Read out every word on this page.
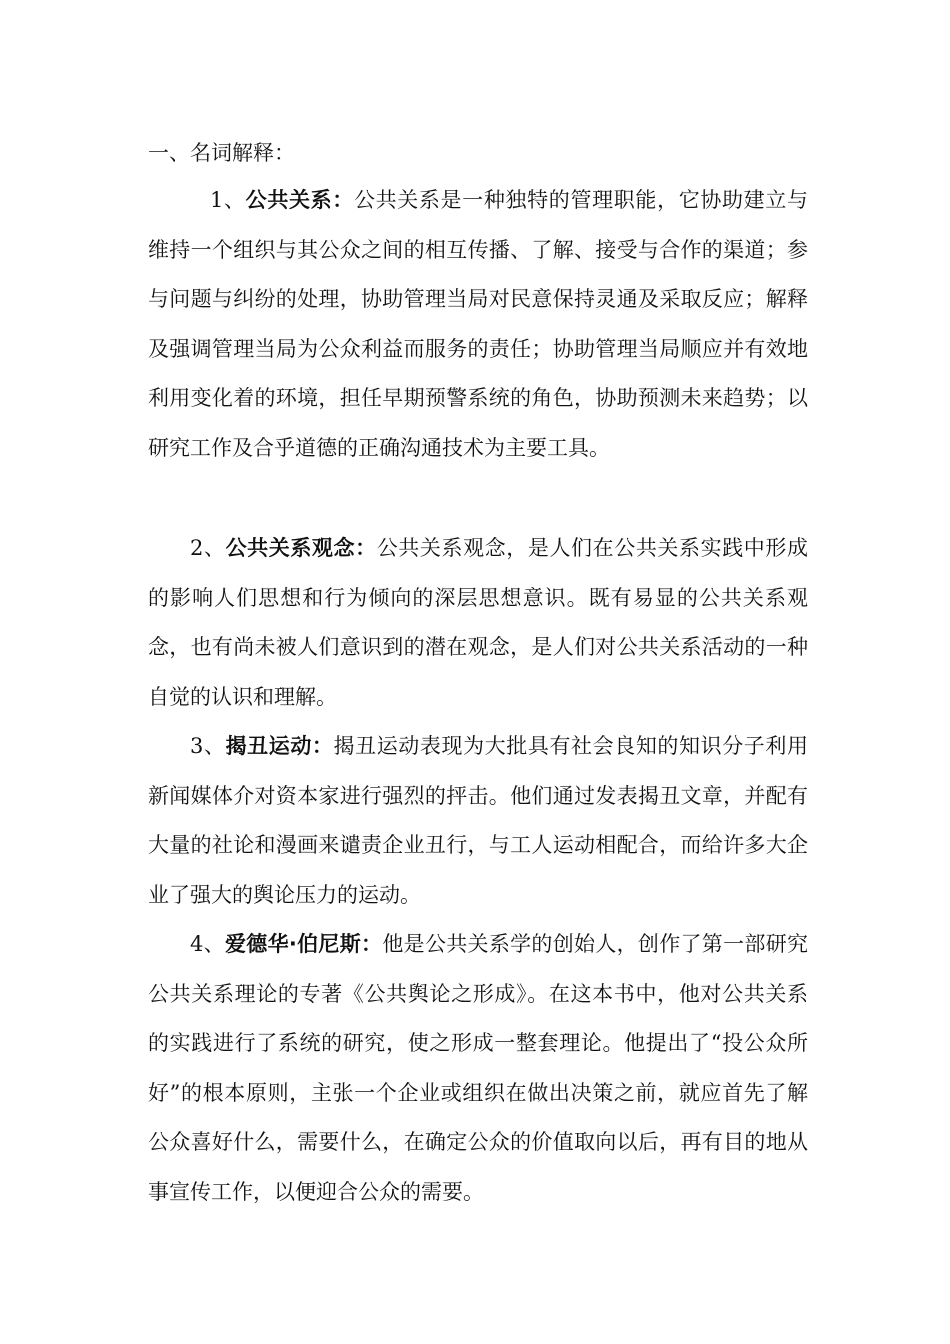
一、名词解释：

1、公共关系：公共关系是一种独特的管理职能，它协助建立与维持一个组织与其公众之间的相互传播、了解、接受与合作的渠道；参与问题与纠纷的处理，协助管理当局对民意保持灵通及采取反应；解释及强调管理当局为公众利益而服务的责任；协助管理当局顺应并有效地利用变化着的环境，担任早期预警系统的角色，协助预测未来趋势；以研究工作及合乎道德的正确沟通技术为主要工具。

2、公共关系观念：公共关系观念，是人们在公共关系实践中形成的影响人们思想和行为倾向的深层思想意识。既有易显的公共关系观念，也有尚未被人们意识到的潜在观念，是人们对公共关系活动的一种自觉的认识和理解。

3、揭丑运动：揭丑运动表现为大批具有社会良知的知识分子利用新闻媒体介对资本家进行强烈的抨击。他们通过发表揭丑文章，并配有大量的社论和漫画来谴责企业丑行，与工人运动相配合，而给许多大企业了强大的舆论压力的运动。

4、爱德华·伯尼斯：他是公共关系学的创始人，创作了第一部研究公共关系理论的专著《公共舆论之形成》。在这本书中，他对公共关系的实践进行了系统的研究，使之形成一整套理论。他提出了“投公众所好”的根本原则，主张一个企业或组织在做出决策之前，就应首先了解公众喜好什么，需要什么，在确定公众的价值取向以后，再有目的地从事宣传工作，以便迎合公众的需要。
